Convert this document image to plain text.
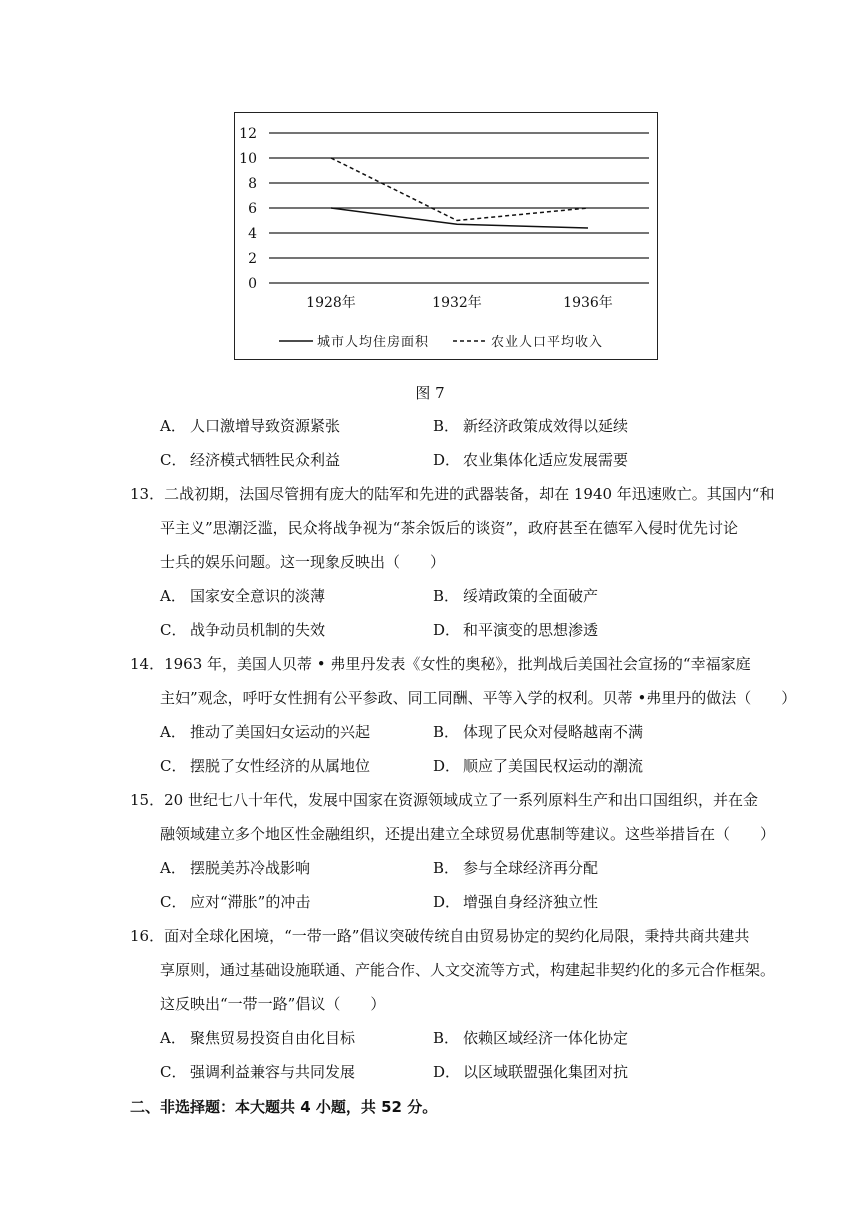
0
2
4
6
8
10
12
1928年	1932年	1936年
城市人均住房面积	农业人口平均收入
图 7
A． 人口激增导致资源紧张	B． 新经济政策成效得以延续
C． 经济模式牺牲民众利益	D． 农业集体化适应发展需要
13．二战初期，法国尽管拥有庞大的陆军和先进的武器装备，却在 1940 年迅速败亡。其国内“和
平主义”思潮泛滥，民众将战争视为“茶余饭后的谈资”，政府甚至在德军入侵时优先讨论
士兵的娱乐问题。这一现象反映出（　　）
A． 国家安全意识的淡薄	B． 绥靖政策的全面破产
C． 战争动员机制的失效	D． 和平演变的思想渗透
14．1963 年，美国人贝蒂 • 弗里丹发表《女性的奥秘》，批判战后美国社会宣扬的“幸福家庭
主妇”观念，呼吁女性拥有公平参政、同工同酬、平等入学的权利。贝蒂 •弗里丹的做法（　　）
A． 推动了美国妇女运动的兴起	B． 体现了民众对侵略越南不满
C． 摆脱了女性经济的从属地位	D． 顺应了美国民权运动的潮流
15．20 世纪七八十年代，发展中国家在资源领域成立了一系列原料生产和出口国组织，并在金
融领域建立多个地区性金融组织，还提出建立全球贸易优惠制等建议。这些举措旨在（　　）
A． 摆脱美苏冷战影响	B． 参与全球经济再分配
C． 应对“滞胀”的冲击	D． 增强自身经济独立性
16．面对全球化困境，“一带一路”倡议突破传统自由贸易协定的契约化局限，秉持共商共建共
享原则，通过基础设施联通、产能合作、人文交流等方式，构建起非契约化的多元合作框架。
这反映出“一带一路”倡议（　　）
A． 聚焦贸易投资自由化目标	B． 依赖区域经济一体化协定
C． 强调利益兼容与共同发展	D． 以区域联盟强化集团对抗
二、非选择题：本大题共 4 小题，共 52 分。
